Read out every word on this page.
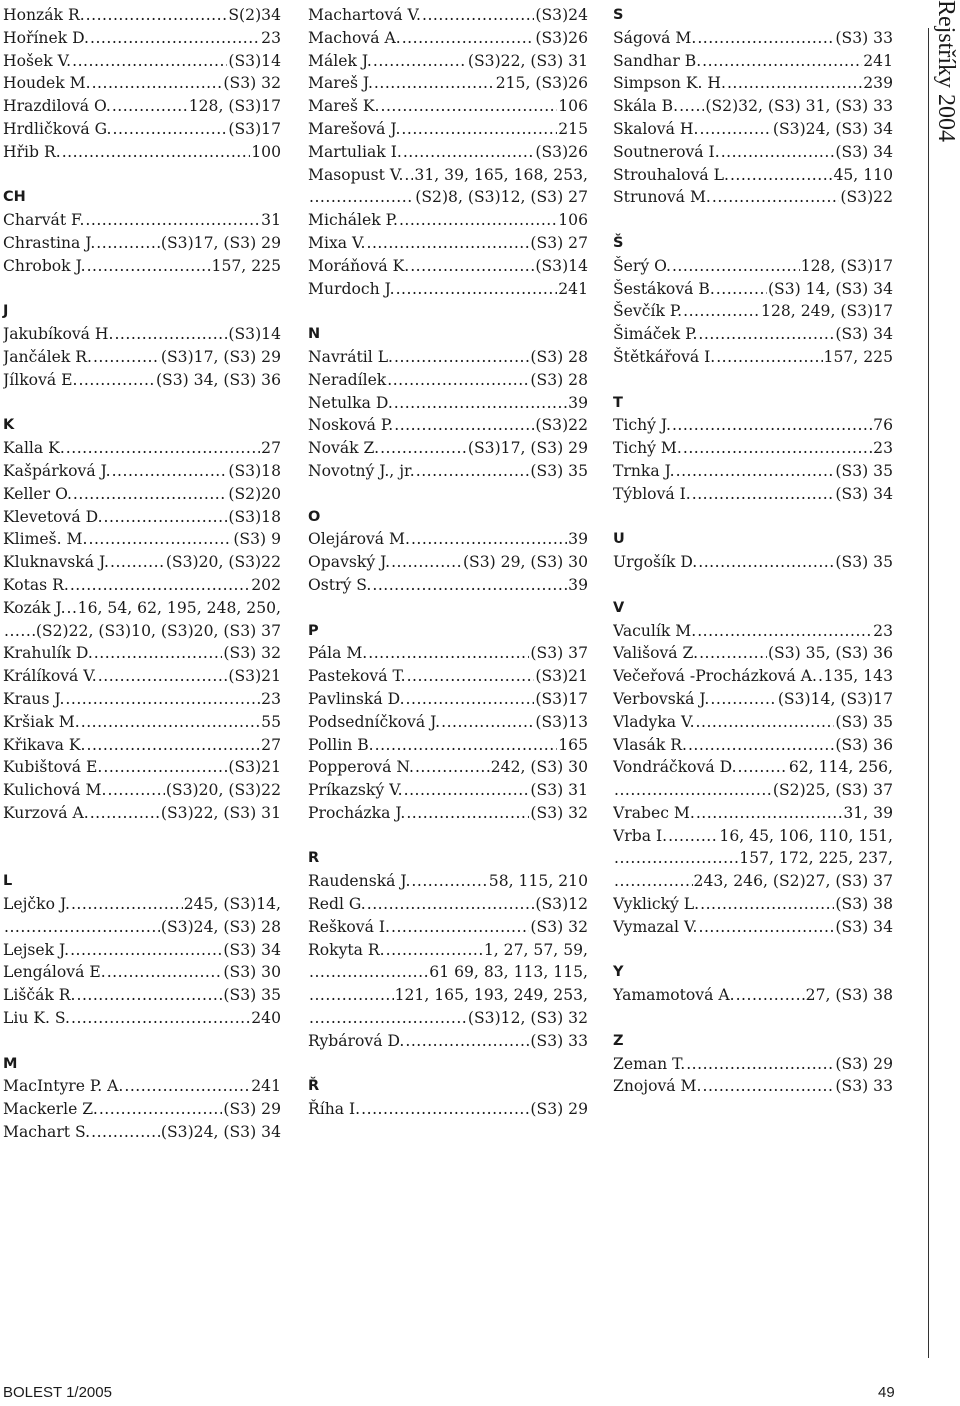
Honzák R. .....	S(2)34
Hořínek D. .....	23
Hošek V. .....	(S3)14
Houdek M. .....	(S3) 32
Hrazdilová O. .....	128, (S3)17
Hrdličková G. .....	(S3)17
Hřib R. .....	100
CH
Charvát F. .....	31
Chrastina J. .....	(S3)17, (S3) 29
Chrobok J. .....	157, 225
J
Jakubíková H. .....	(S3)14
Jančálek R. .....	(S3)17, (S3) 29
Jílková E. .....	(S3) 34, (S3) 36
K
Kalla K. .....	27
Kašpárková J. .....	(S3)18
Keller O. .....	(S2)20
Klevetová D. .....	(S3)18
Klimeš. M. .....	(S3) 9
Kluknavská J. .....	(S3)20, (S3)22
Kotas R. .....	202
Kozák J. ..... 16, 54, 62, 195, 248, 250,
.....
(S2)22, (S3)10, (S3)20, (S3) 37
Krahulík D. .....	(S3) 32
Králíková V. .....	(S3)21
Kraus J. .....	23
Kršiak M. .....	55
Křikava K. .....	27
Kubištová E. .....	(S3)21
Kulichová M. .....	(S3)20, (S3)22
Kurzová A. .....	(S3)22, (S3) 31
L
Lejčko J. .....	245, (S3)14,
.....
(S3)24, (S3) 28
Lejsek J. .....	(S3) 34
Lengálová E. .....	(S3) 30
Liščák R. .....	(S3) 35
Liu K. S. .....	240
M
MacIntyre P. A. .....	241
Mackerle Z. .....	(S3) 29
Machart S. .....	(S3)24, (S3) 34
Machartová V. .....	(S3)24
Machová A. .....	(S3)26
Málek J. .....	(S3)22, (S3) 31
Mareš J. .....	215, (S3)26
Mareš K. .....	106
Marešová J. .....	215
Martuliak I. .....	(S3)26
Masopust V. ..... 31, 39, 165, 168, 253,
.....
(S2)8, (S3)12, (S3) 27
Michálek P. .....	106
Mixa V. .....	(S3) 27
Moráňová K. .....	(S3)14
Murdoch J. .....	241
N
Navrátil L. .....	(S3) 28
Neradílek .....	(S3) 28
Netulka D. .....	39
Nosková P. .....	(S3)22
Novák Z. .....	(S3)17, (S3) 29
Novotný J., jr. .....	(S3) 35
O
Olejárová M. .....	39
Opavský J. .....	(S3) 29, (S3) 30
Ostrý S. .....	39
P
Pála M. .....	(S3) 37
Pasteková T. .....	(S3)21
Pavlinská D. .....	(S3)17
Podsedníčková J. .....	(S3)13
Pollin B. .....	165
Popperová N. .....	242, (S3) 30
Príkazský V. .....	(S3) 31
Procházka J. .....	(S3) 32
R
Raudenská J. .....	58, 115, 210
Redl G. .....	(S3)12
Rešková I. .....	(S3) 32
Rokyta R. .....	1, 27, 57, 59,
.....
61 69, 83, 113, 115,
.....
121, 165, 193, 249, 253,
.....
(S3)12, (S3) 32
Rybárová D. .....	(S3) 33
Ř
Říha I. .....	(S3) 29
S
Ságová M. .....	(S3) 33
Sandhar B. .....	241
Simpson K. H. .....	239
Skála B. ..... (S2)32, (S3) 31, (S3) 33
Skalová H. .....	(S3)24, (S3) 34
Soutnerová I. .....	(S3) 34
Strouhalová L. .....	45, 110
Strunová M. .....	(S3)22
Š
Šerý O. .....	128, (S3)17
Šestáková B. .....	(S3) 14, (S3) 34
Ševčík P. .....	128, 249, (S3)17
Šimáček P. .....	(S3) 34
Štětkářová I. .....	157, 225
T
Tichý J. .....	76
Tichý M. .....	23
Trnka J. .....	(S3) 35
Týblová I. .....	(S3) 34
U
Urgošík D. .....	(S3) 35
V
Vaculík M. .....	23
Vališová Z. .....	(S3) 35, (S3) 36
Večeřová -Procházková A. ..... 135, 143
Verbovská J. .....	(S3)14, (S3)17
Vladyka V. .....	(S3) 35
Vlasák R. .....	(S3) 36
Vondráčková D. .....	62, 114, 256,
.....
(S2)25, (S3) 37
Vrabec M. .....	31, 39
Vrba I. .....	16, 45, 106, 110, 151,
.....
157, 172, 225, 237,
.....
243, 246, (S2)27, (S3) 37
Vyklický L. .....	(S3) 38
Vymazal V. .....	(S3) 34
Y
Yamamotová A. .....	27, (S3) 38
Z
Zeman T. .....	(S3) 29
Znojová M. .....	(S3) 33
Rejstříky 2004
BOLEST 1/2005	49
